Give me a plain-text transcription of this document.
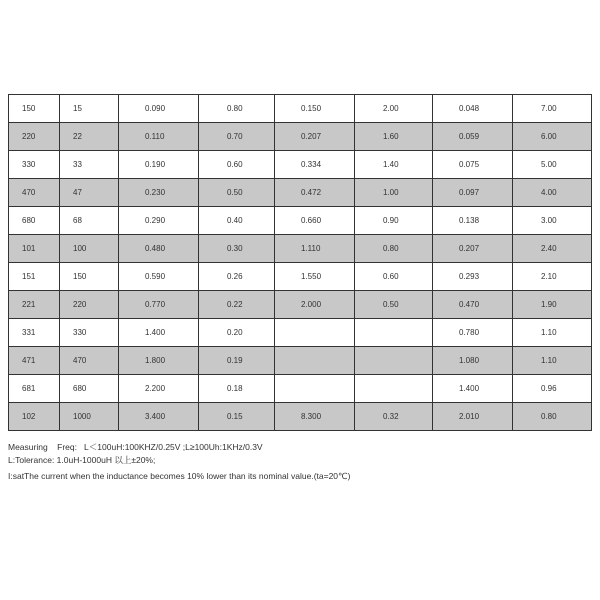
150	15	0.090	0.80	0.150	2.00	0.048	7.00
220	22	0.110	0.70	0.207	1.60	0.059	6.00
330	33	0.190	0.60	0.334	1.40	0.075	5.00
470	47	0.230	0.50	0.472	1.00	0.097	4.00
680	68	0.290	0.40	0.660	0.90	0.138	3.00
101	100	0.480	0.30	1.110	0.80	0.207	2.40
151	150	0.590	0.26	1.550	0.60	0.293	2.10
221	220	0.770	0.22	2.000	0.50	0.470	1.90
331	330	1.400	0.20			0.780	1.10
471	470	1.800	0.19			1.080	1.10
681	680	2.200	0.18			1.400	0.96
102	1000	3.400	0.15	8.300	0.32	2.010	0.80
Measuring    Freq:   L＜100uH:100KHZ/0.25V ;L≥100Uh:1KHz/0.3V
L:Tolerance: 1.0uH-1000uH 以上±20%;
I:satThe current when the inductance becomes 10% lower than its nominal value.(ta=20℃)
